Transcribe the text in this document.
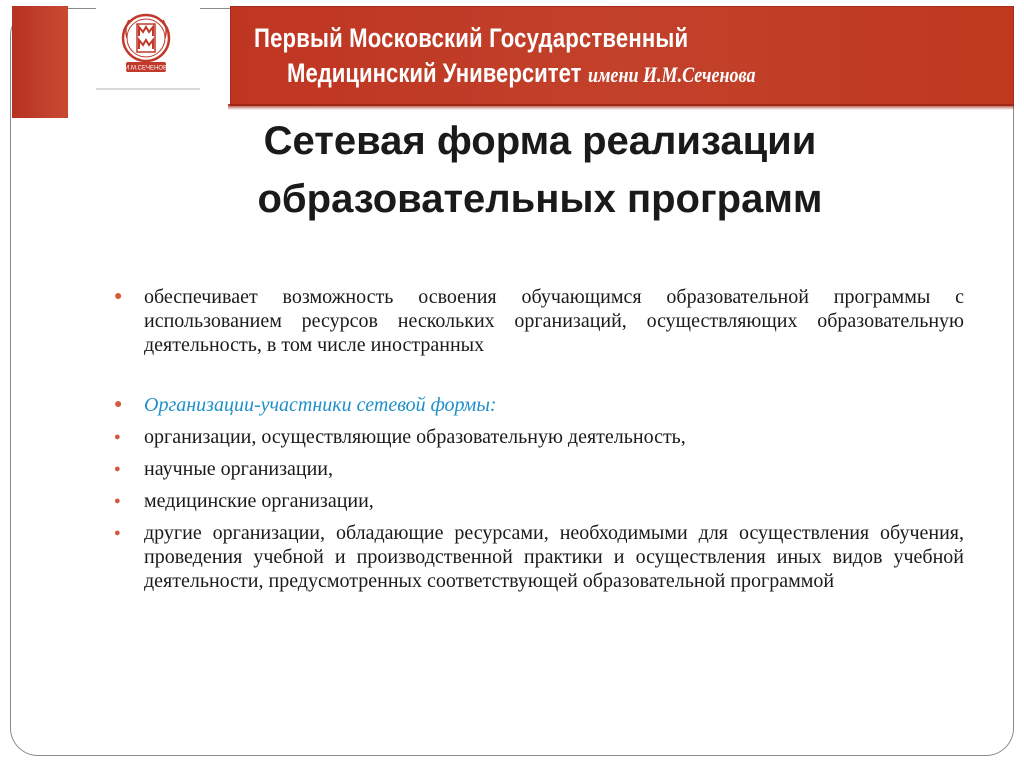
И.М.СЕЧЕНОВ
Первый Московский Государственный
Медицинский Университет имени И.М.Сеченова
Сетевая форма реализации образовательных программ
● обеспечивает возможность освоения обучающимся образовательной программы с использованием ресурсов нескольких организаций, осуществляющих образовательную деятельность, в том числе иностранных
● Организации-участники сетевой формы:
● организации, осуществляющие образовательную деятельность,
● научные организации,
● медицинские организации,
● другие организации, обладающие ресурсами, необходимыми для осуществления обучения, проведения учебной и производственной практики и осуществления иных видов учебной деятельности, предусмотренных соответствующей образовательной программой
